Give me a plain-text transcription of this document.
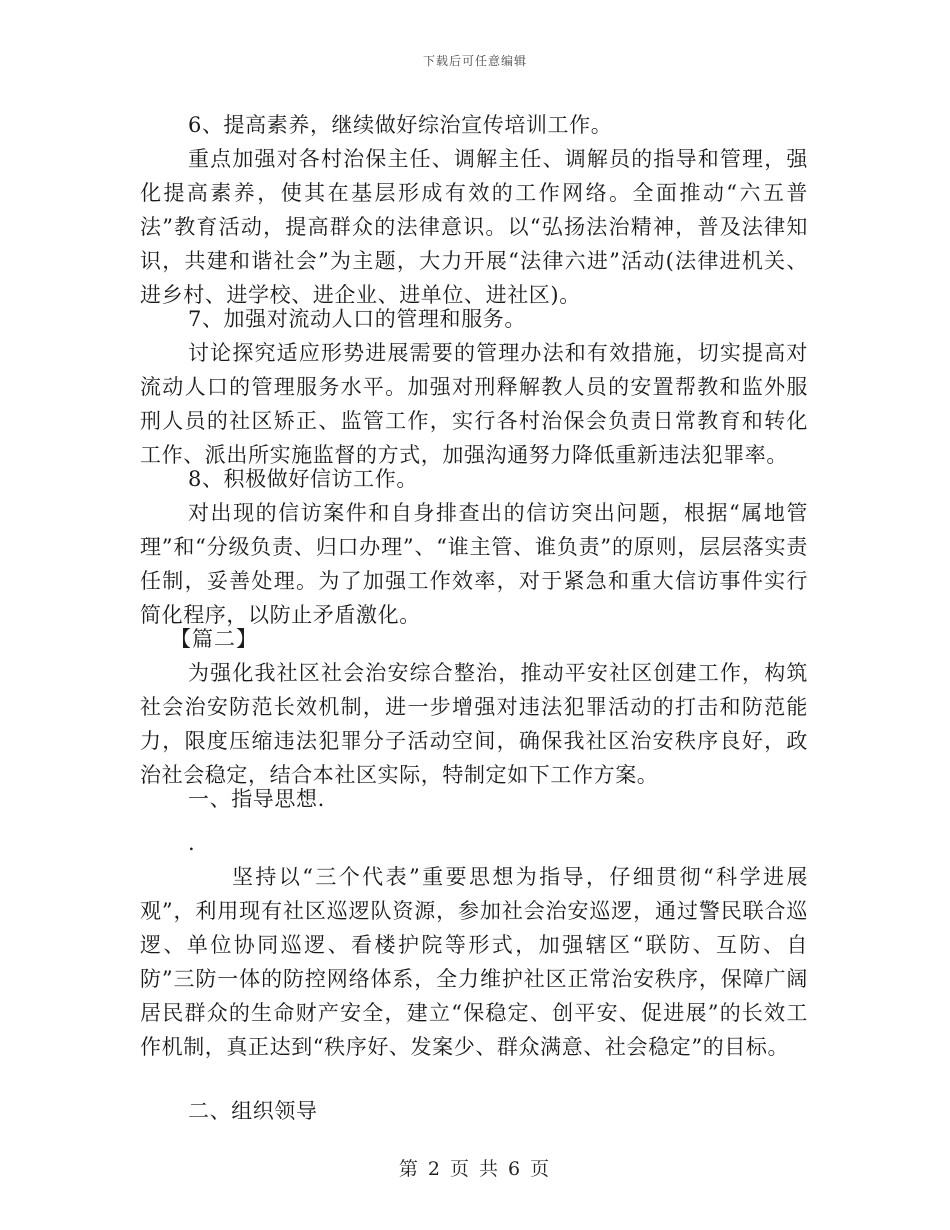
下载后可任意编辑

6、提高素养，继续做好综治宣传培训工作。

重点加强对各村治保主任、调解主任、调解员的指导和管理，强化提高素养，使其在基层形成有效的工作网络。全面推动“六五普法”教育活动，提高群众的法律意识。以“弘扬法治精神，普及法律知识，共建和谐社会”为主题，大力开展“法律六进”活动(法律进机关、进乡村、进学校、进企业、进单位、进社区)。

7、加强对流动人口的管理和服务。

讨论探究适应形势进展需要的管理办法和有效措施，切实提高对流动人口的管理服务水平。加强对刑释解教人员的安置帮教和监外服刑人员的社区矫正、监管工作，实行各村治保会负责日常教育和转化工作、派出所实施监督的方式，加强沟通努力降低重新违法犯罪率。

8、积极做好信访工作。

对出现的信访案件和自身排查出的信访突出问题，根据“属地管理”和“分级负责、归口办理”、“谁主管、谁负责”的原则，层层落实责任制，妥善处理。为了加强工作效率，对于紧急和重大信访事件实行简化程序，以防止矛盾激化。

【篇二】

为强化我社区社会治安综合整治，推动平安社区创建工作，构筑社会治安防范长效机制，进一步增强对违法犯罪活动的打击和防范能力，限度压缩违法犯罪分子活动空间，确保我社区治安秩序良好，政治社会稳定，结合本社区实际，特制定如下工作方案。

一、指导思想.

.

坚持以“三个代表”重要思想为指导，仔细贯彻“科学进展观”，利用现有社区巡逻队资源，参加社会治安巡逻，通过警民联合巡逻、单位协同巡逻、看楼护院等形式，加强辖区“联防、互防、自防”三防一体的防控网络体系，全力维护社区正常治安秩序，保障广阔居民群众的生命财产安全，建立“保稳定、创平安、促进展”的长效工作机制，真正达到“秩序好、发案少、群众满意、社会稳定”的目标。

二、组织领导

第 2 页 共 6 页
